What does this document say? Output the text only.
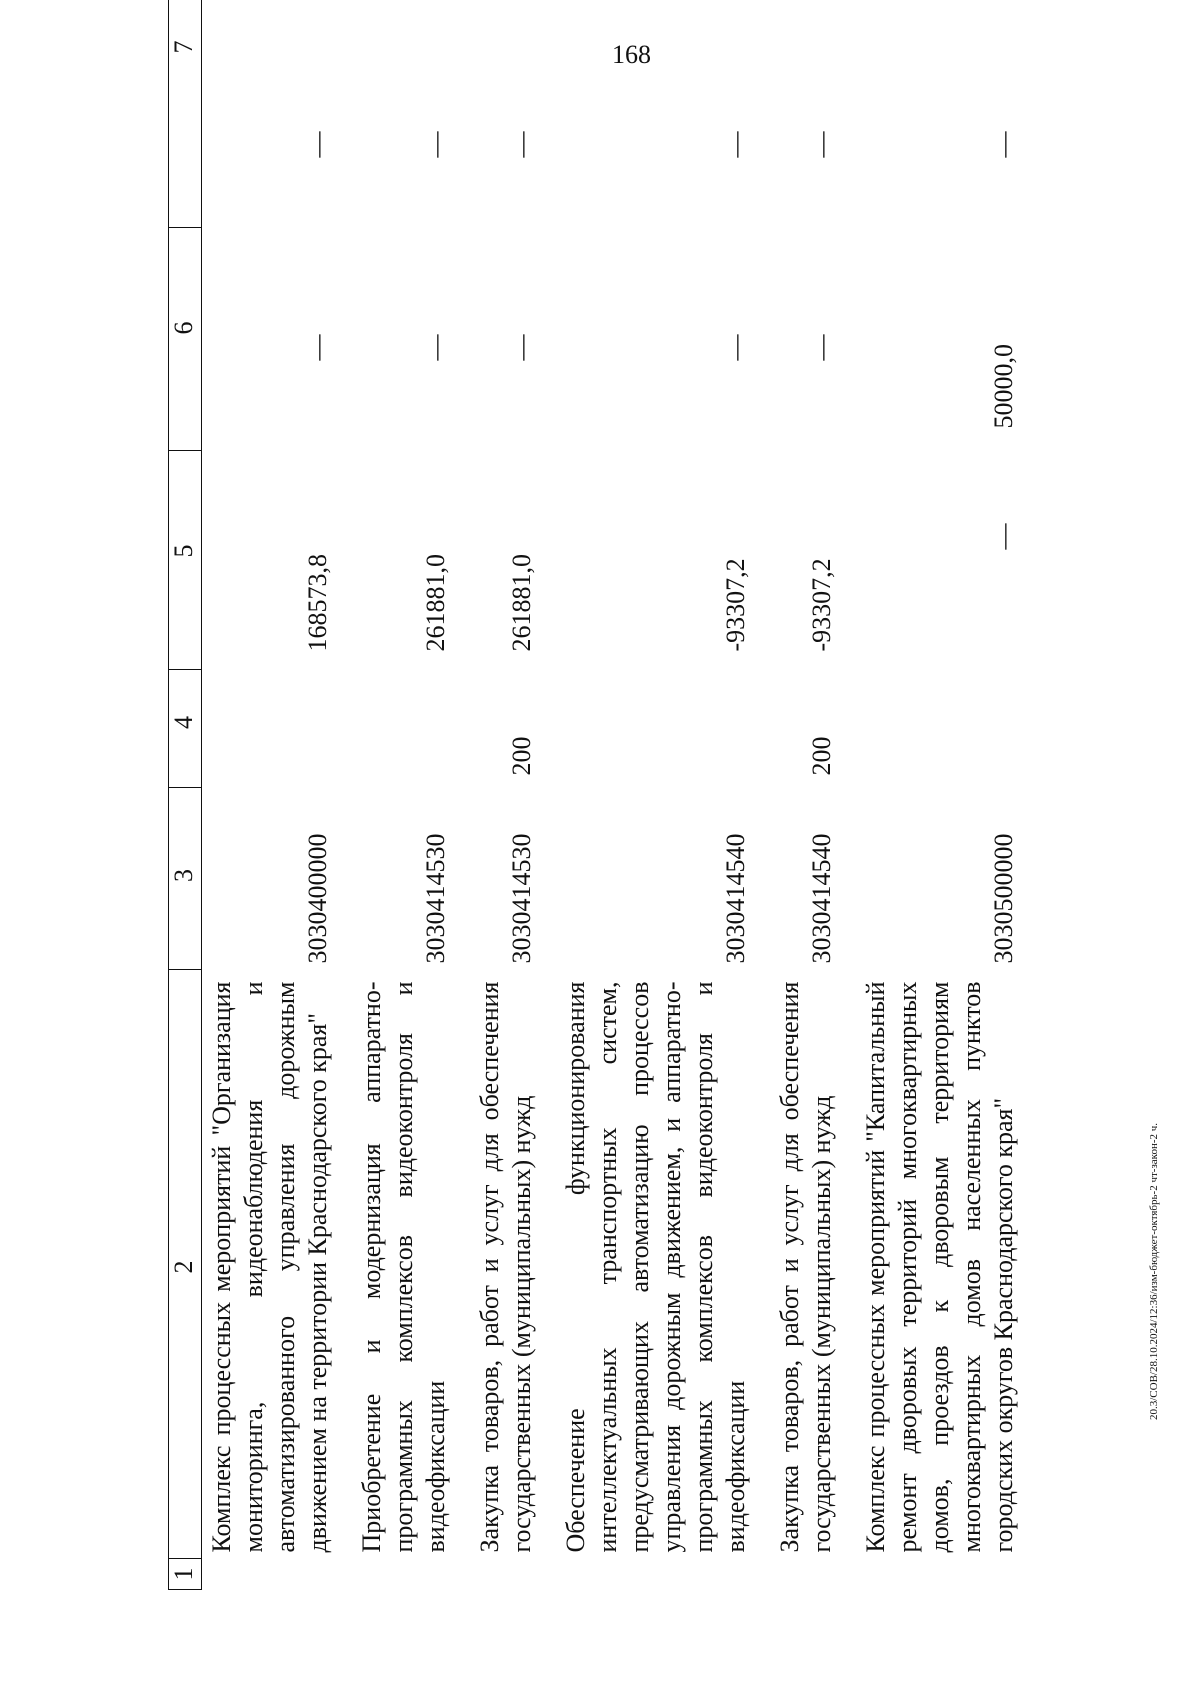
168
20.3/СОВ/28.10.2024/12:36/изм-бюджет-октябрь-2 чт-закон-2 ч.
1	2	3	4	5	6	7
	Комплекс процессных мероприятий "Организация мониторинга, видеонаблюдения и автоматизированного управления дорожным движением на территории Краснодарского края"	3030400000		168573,8	—	—
	Приобретение и модернизация аппаратно-программных комплексов видеоконтроля и видеофиксации	3030414530		261881,0	—	—
	Закупка товаров, работ и услуг для обеспечения государственных (муниципальных) нужд	3030414530	200	261881,0	—	—
	Обеспечение функционирования интеллектуальных транспортных систем, предусматривающих автоматизацию процессов управления дорожным движением, и аппаратно-программных комплексов видеоконтроля и видеофиксации	3030414540		-93307,2	—	—
	Закупка товаров, работ и услуг для обеспечения государственных (муниципальных) нужд	3030414540	200	-93307,2	—	—
	Комплекс процессных мероприятий "Капитальный ремонт дворовых территорий многоквартирных домов, проездов к дворовым территориям многоквартирных домов населенных пунктов городских округов Краснодарского края"	3030500000		—	50000,0	—
